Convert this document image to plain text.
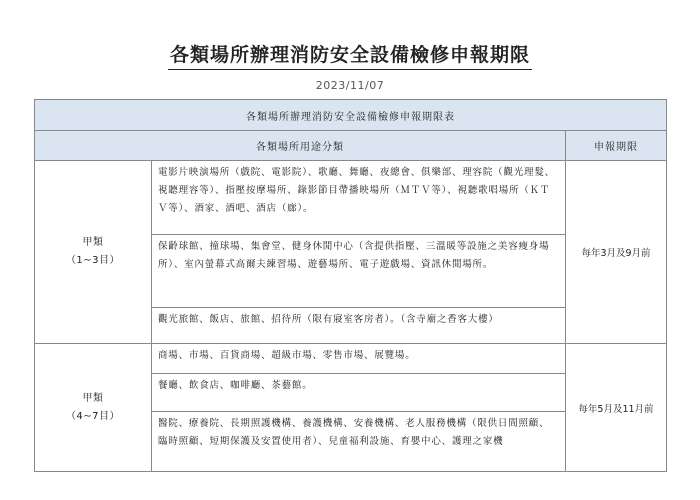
各類場所辦理消防安全設備檢修申報期限
2023/11/07
各類場所辦理消防安全設備檢修申報期限表		
各類場所用途分類		申報期限

甲類
（1∼3目）	電影片映演場所（戲院、電影院）、歌廳、舞廳、夜總會、俱樂部、理容院（觀光理髮、視聽理容等）、指壓按摩場所、錄影節目帶播映場所（ＭＴＶ等）、視聽歌唱場所（ＫＴＶ等）、酒家、酒吧、酒店（廊）。	每年3月及9月前
	保齡球館、撞球場、集會堂、健身休閒中心（含提供指壓、三溫暖等設施之美容瘦身場所）、室內螢幕式高爾夫練習場、遊藝場所、電子遊戲場、資訊休閒場所。	
	觀光旅館、飯店、旅館、招待所（限有寢室客房者）。（含寺廟之香客大樓）	

甲類
（4∼7目）	商場、市場、百貨商場、超級市場、零售市場、展覽場。	每年5月及11月前
	餐廳、飲食店、咖啡廳、茶藝館。	
	醫院、療養院、長期照護機構、養護機構、安養機構、老人服務機構（限供日間照顧、臨時照顧、短期保護及安置使用者）、兒童福利設施、育嬰中心、護理之家機	
